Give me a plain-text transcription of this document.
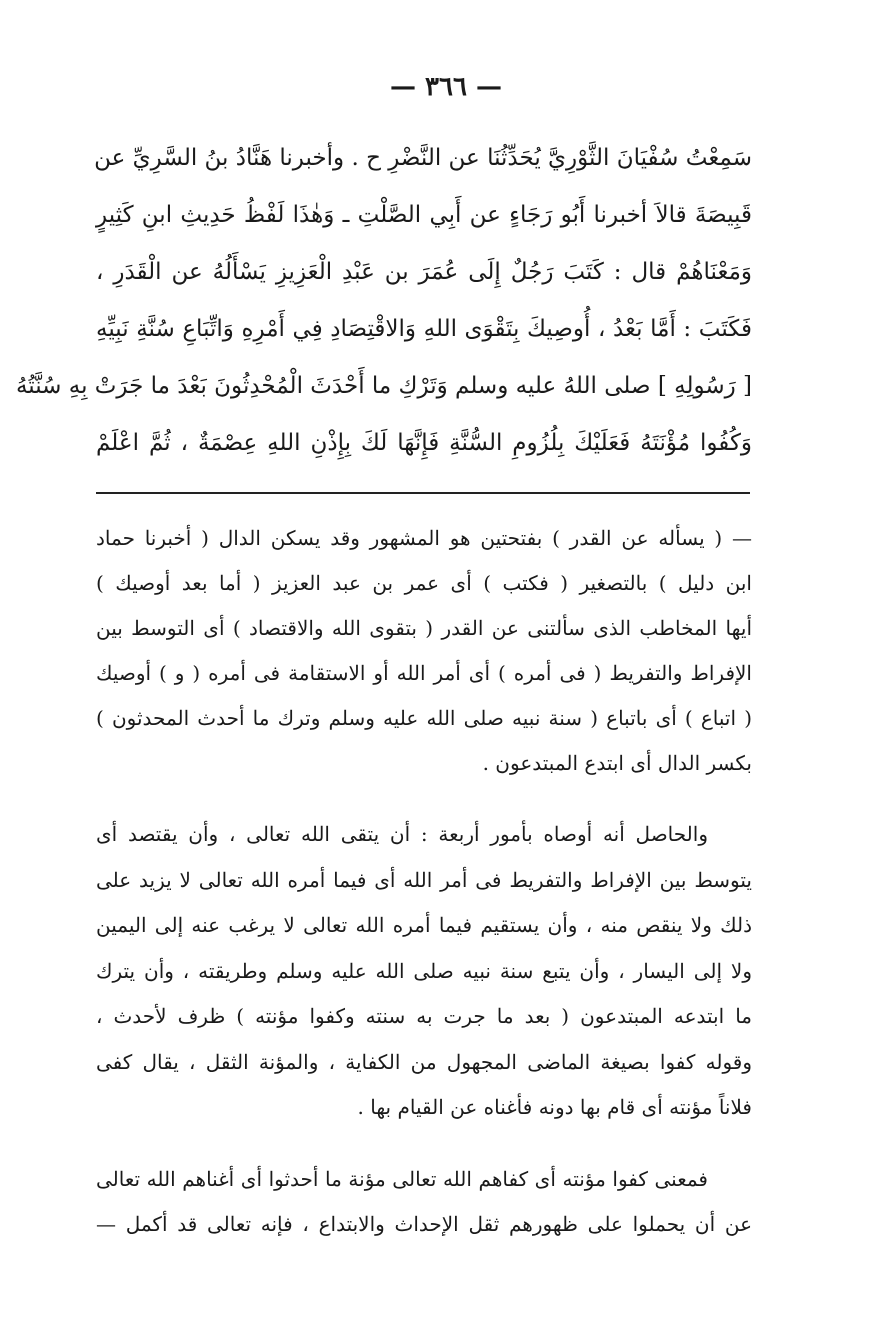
— ٣٦٦ —
سَمِعْتُ سُفْيَانَ الثَّوْرِيَّ يُحَدِّثُنَا عن النَّضْرِ ح . وأخبرنا هَنَّادُ بنُ السَّرِيِّ عن
قَبِيصَةَ قالاَ أخبرنا أَبُو رَجَاءٍ عن أَبِي الصَّلْتِ ـ وَهٰذَا لَفْظُ حَدِيثِ ابنِ كَثِيرٍ
وَمَعْنَاهُمْ قال : كَتَبَ رَجُلٌ إِلَى عُمَرَ بن عَبْدِ الْعَزِيزِ يَسْأَلُهُ عن الْقَدَرِ ،
فَكَتَبَ : أَمَّا بَعْدُ ، أُوصِيكَ بِتَقْوَى اللهِ وَالاقْتِصَادِ فِي أَمْرِهِ وَاتِّبَاعِ سُنَّةِ نَبِيِّهِ
[ رَسُولِهِ ] صلى اللهُ عليه وسلم وَتَرْكِ ما أَحْدَثَ الْمُحْدِثُونَ بَعْدَ ما جَرَتْ بِهِ سُنَّتُهُ
وَكُفُوا مُؤْنَتَهُ فَعَلَيْكَ بِلُزُومِ السُّنَّةِ فَإِنَّهَا لَكَ بِإِذْنِ اللهِ عِصْمَةٌ ، ثُمَّ اعْلَمْ
— ( يسأله عن القدر ) بفتحتين هو المشهور وقد يسكن الدال ( أخبرنا حماد
ابن دليل ) بالتصغير ( فكتب ) أى عمر بن عبد العزيز ( أما بعد أوصيك )
أيها المخاطب الذى سألتنى عن القدر ( بتقوى الله والاقتصاد ) أى التوسط بين
الإفراط والتفريط ( فى أمره ) أى أمر الله أو الاستقامة فى أمره ( و ) أوصيك
( اتباع ) أى باتباع ( سنة نبيه صلى الله عليه وسلم وترك ما أحدث المحدثون )
بكسر الدال أى ابتدع المبتدعون .
والحاصل أنه أوصاه بأمور أربعة : أن يتقى الله تعالى ، وأن يقتصد أى
يتوسط بين الإفراط والتفريط فى أمر الله أى فيما أمره الله تعالى لا يزيد على
ذلك ولا ينقص منه ، وأن يستقيم فيما أمره الله تعالى لا يرغب عنه إلى اليمين
ولا إلى اليسار ، وأن يتبع سنة نبيه صلى الله عليه وسلم وطريقته ، وأن يترك
ما ابتدعه المبتدعون ( بعد ما جرت به سنته وكفوا مؤنته ) ظرف لأحدث ،
وقوله كفوا بصيغة الماضى المجهول من الكفاية ، والمؤنة الثقل ، يقال كفى
فلاناً مؤنته أى قام بها دونه فأغناه عن القيام بها .
فمعنى كفوا مؤنته أى كفاهم الله تعالى مؤنة ما أحدثوا أى أغناهم الله تعالى
عن أن يحملوا على ظهورهم ثقل الإحداث والابتداع ، فإنه تعالى قد أكمل —
